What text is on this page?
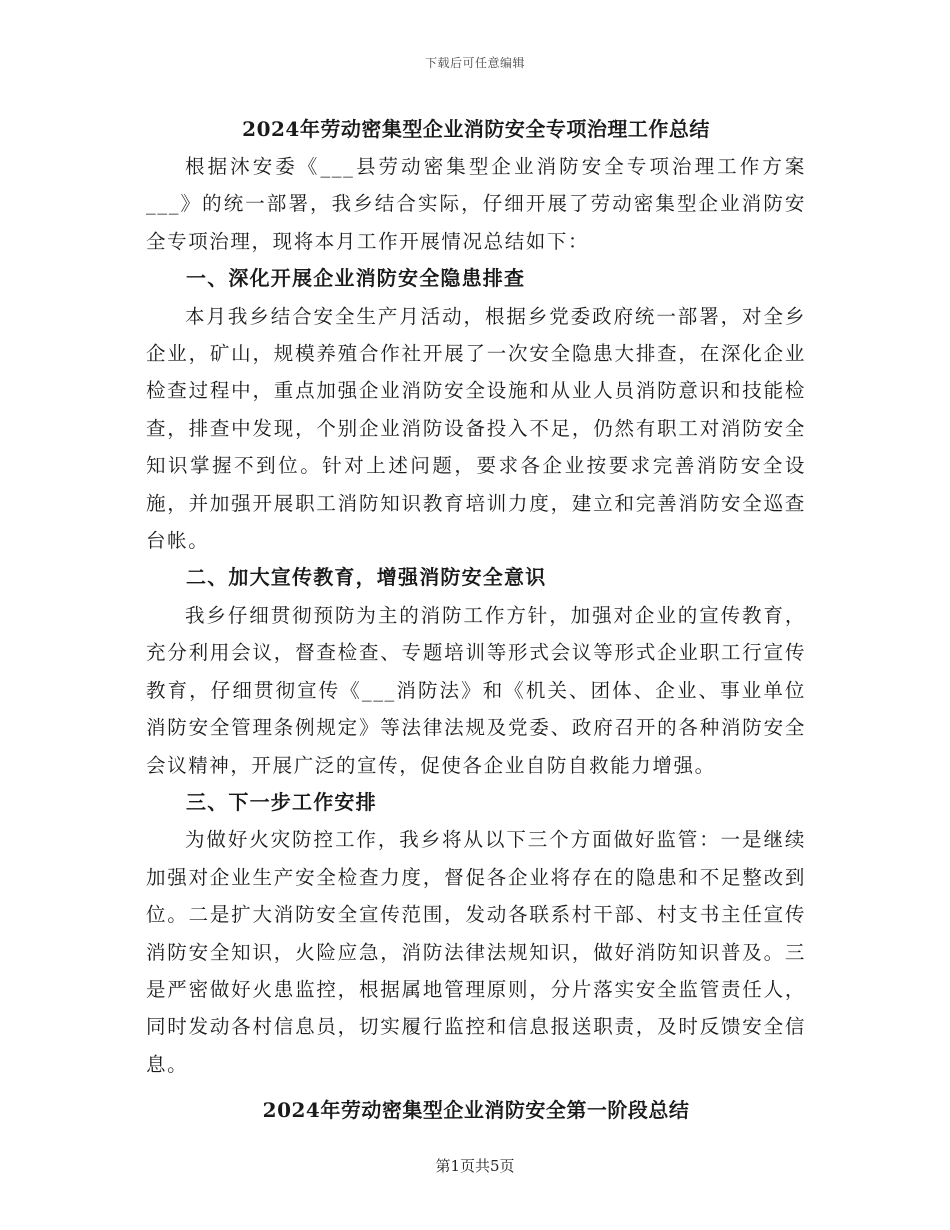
下载后可任意编辑
2024年劳动密集型企业消防安全专项治理工作总结

根据沐安委《___县劳动密集型企业消防安全专项治理工作方案___》的统一部署，我乡结合实际，仔细开展了劳动密集型企业消防安全专项治理，现将本月工作开展情况总结如下：

一、深化开展企业消防安全隐患排查

本月我乡结合安全生产月活动，根据乡党委政府统一部署，对全乡企业，矿山，规模养殖合作社开展了一次安全隐患大排查，在深化企业检查过程中，重点加强企业消防安全设施和从业人员消防意识和技能检查，排查中发现，个别企业消防设备投入不足，仍然有职工对消防安全知识掌握不到位。针对上述问题，要求各企业按要求完善消防安全设施，并加强开展职工消防知识教育培训力度，建立和完善消防安全巡查台帐。

二、加大宣传教育，增强消防安全意识

我乡仔细贯彻预防为主的消防工作方针，加强对企业的宣传教育，充分利用会议，督查检查、专题培训等形式会议等形式企业职工行宣传教育，仔细贯彻宣传《___消防法》和《机关、团体、企业、事业单位消防安全管理条例规定》等法律法规及党委、政府召开的各种消防安全会议精神，开展广泛的宣传，促使各企业自防自救能力增强。

三、下一步工作安排

为做好火灾防控工作，我乡将从以下三个方面做好监管：一是继续加强对企业生产安全检查力度，督促各企业将存在的隐患和不足整改到位。二是扩大消防安全宣传范围，发动各联系村干部、村支书主任宣传消防安全知识，火险应急，消防法律法规知识，做好消防知识普及。三是严密做好火患监控，根据属地管理原则，分片落实安全监管责任人，同时发动各村信息员，切实履行监控和信息报送职责，及时反馈安全信息。

2024年劳动密集型企业消防安全第一阶段总结
第1页共5页
